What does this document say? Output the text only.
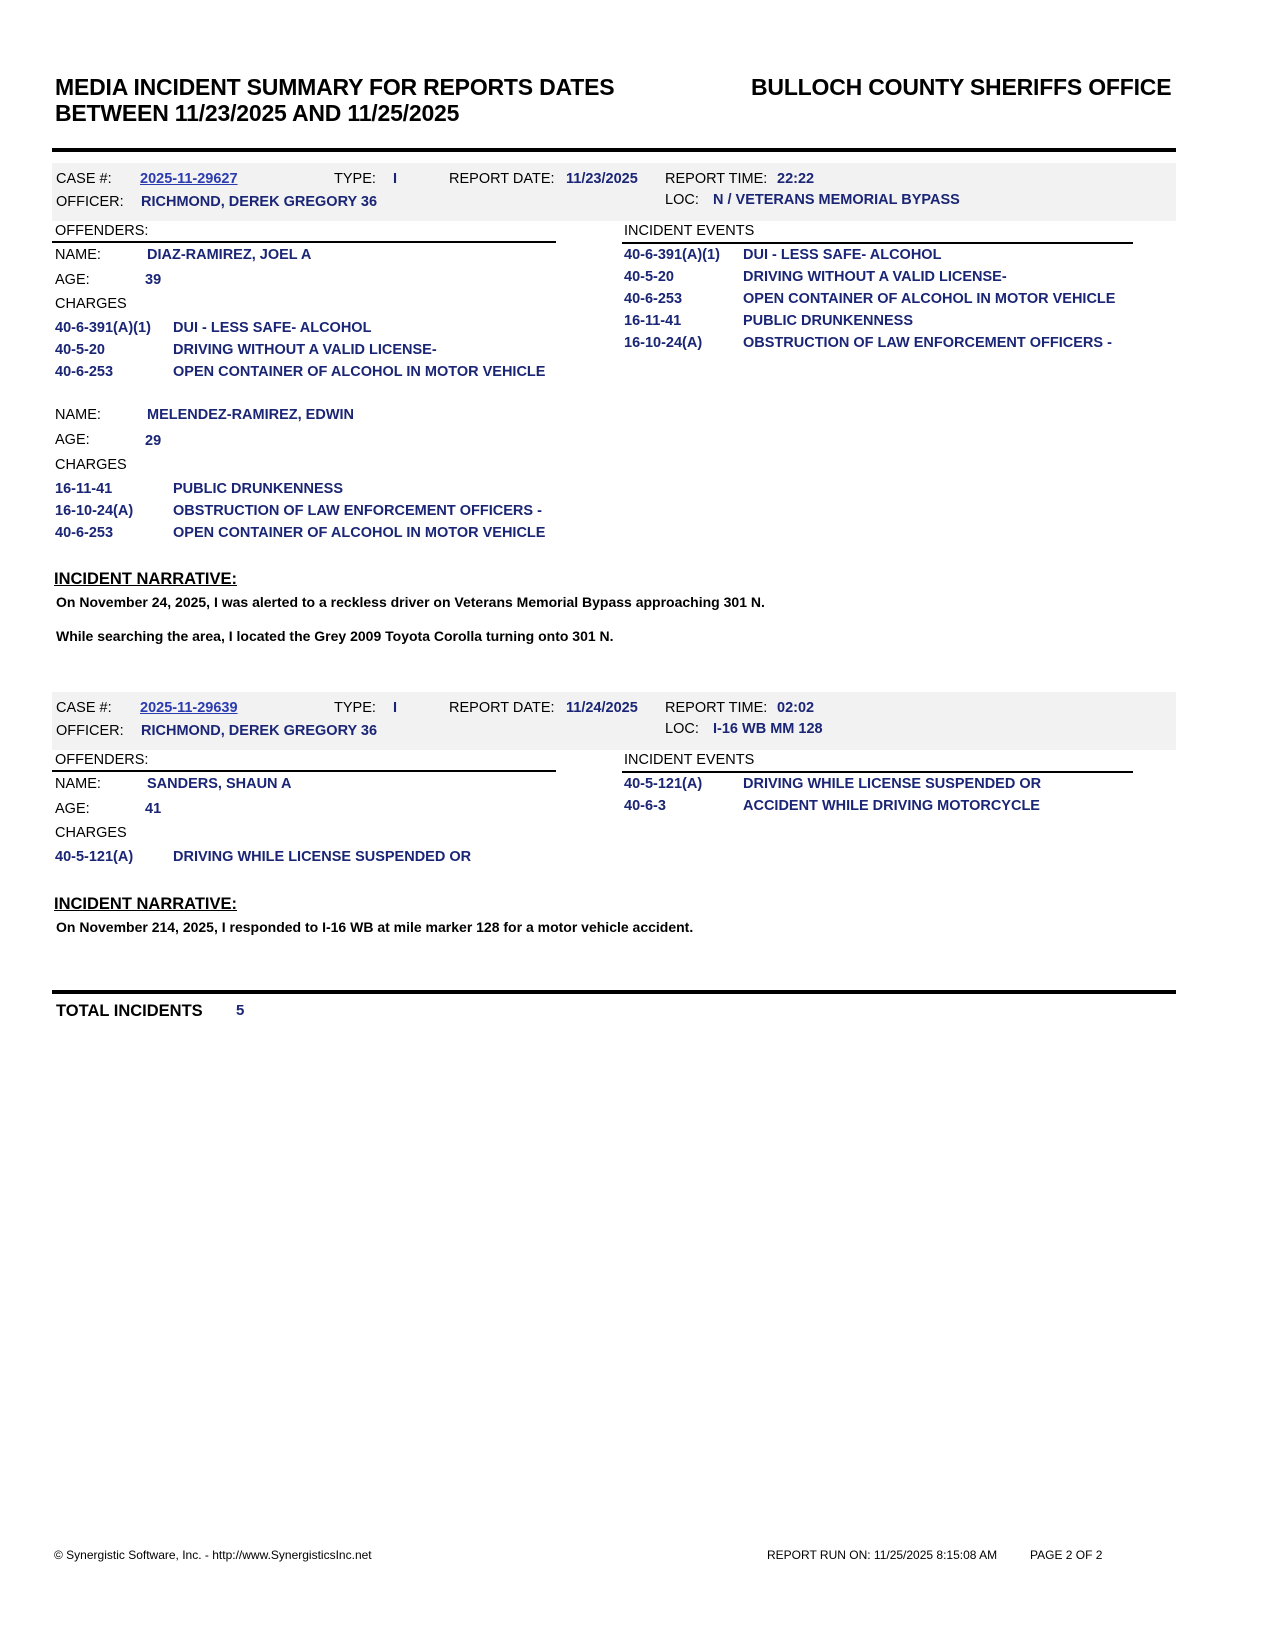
MEDIA INCIDENT SUMMARY FOR REPORTS DATES
BETWEEN 11/23/2025 AND 11/25/2025
BULLOCH COUNTY SHERIFFS OFFICE
CASE #: 2025-11-29627	TYPE: I	REPORT DATE: 11/23/2025 REPORT TIME: 22:22
OFFICER: RICHMOND, DEREK GREGORY 36	LOC: N / VETERANS MEMORIAL BYPASS
OFFENDERS:
NAME:	DIAZ-RAMIREZ, JOEL A
AGE:	39
CHARGES
40-6-391(A)(1) DUI - LESS SAFE- ALCOHOL
40-5-20	DRIVING WITHOUT A VALID LICENSE-
40-6-253	OPEN CONTAINER OF ALCOHOL IN MOTOR VEHICLE
NAME:	MELENDEZ-RAMIREZ, EDWIN
AGE:	29
CHARGES
16-11-41	PUBLIC DRUNKENNESS
16-10-24(A)	OBSTRUCTION OF LAW ENFORCEMENT OFFICERS -
40-6-253	OPEN CONTAINER OF ALCOHOL IN MOTOR VEHICLE
INCIDENT EVENTS
40-6-391(A)(1) DUI - LESS SAFE- ALCOHOL
40-5-20	DRIVING WITHOUT A VALID LICENSE-
40-6-253	OPEN CONTAINER OF ALCOHOL IN MOTOR VEHICLE
16-11-41	PUBLIC DRUNKENNESS
16-10-24(A)	OBSTRUCTION OF LAW ENFORCEMENT OFFICERS -
INCIDENT NARRATIVE:
On November 24, 2025, I was alerted to a reckless driver on Veterans Memorial Bypass approaching 301 N.
While searching the area, I located the Grey 2009 Toyota Corolla turning onto 301 N.
CASE #: 2025-11-29639	TYPE: I	REPORT DATE: 11/24/2025 REPORT TIME: 02:02
OFFICER: RICHMOND, DEREK GREGORY 36	LOC: I-16 WB MM 128
OFFENDERS:
NAME:	SANDERS, SHAUN A
AGE:	41
CHARGES
40-5-121(A)	DRIVING WHILE LICENSE SUSPENDED OR
INCIDENT EVENTS
40-5-121(A)	DRIVING WHILE LICENSE SUSPENDED OR
40-6-3	ACCIDENT WHILE DRIVING MOTORCYCLE
INCIDENT NARRATIVE:
On November 214, 2025, I responded to I-16 WB at mile marker 128 for a motor vehicle accident.
TOTAL INCIDENTS 5
© Synergistic Software, Inc. - http://www.SynergisticsInc.net	REPORT RUN ON: 11/25/2025 8:15:08 AM	PAGE 2 OF 2
